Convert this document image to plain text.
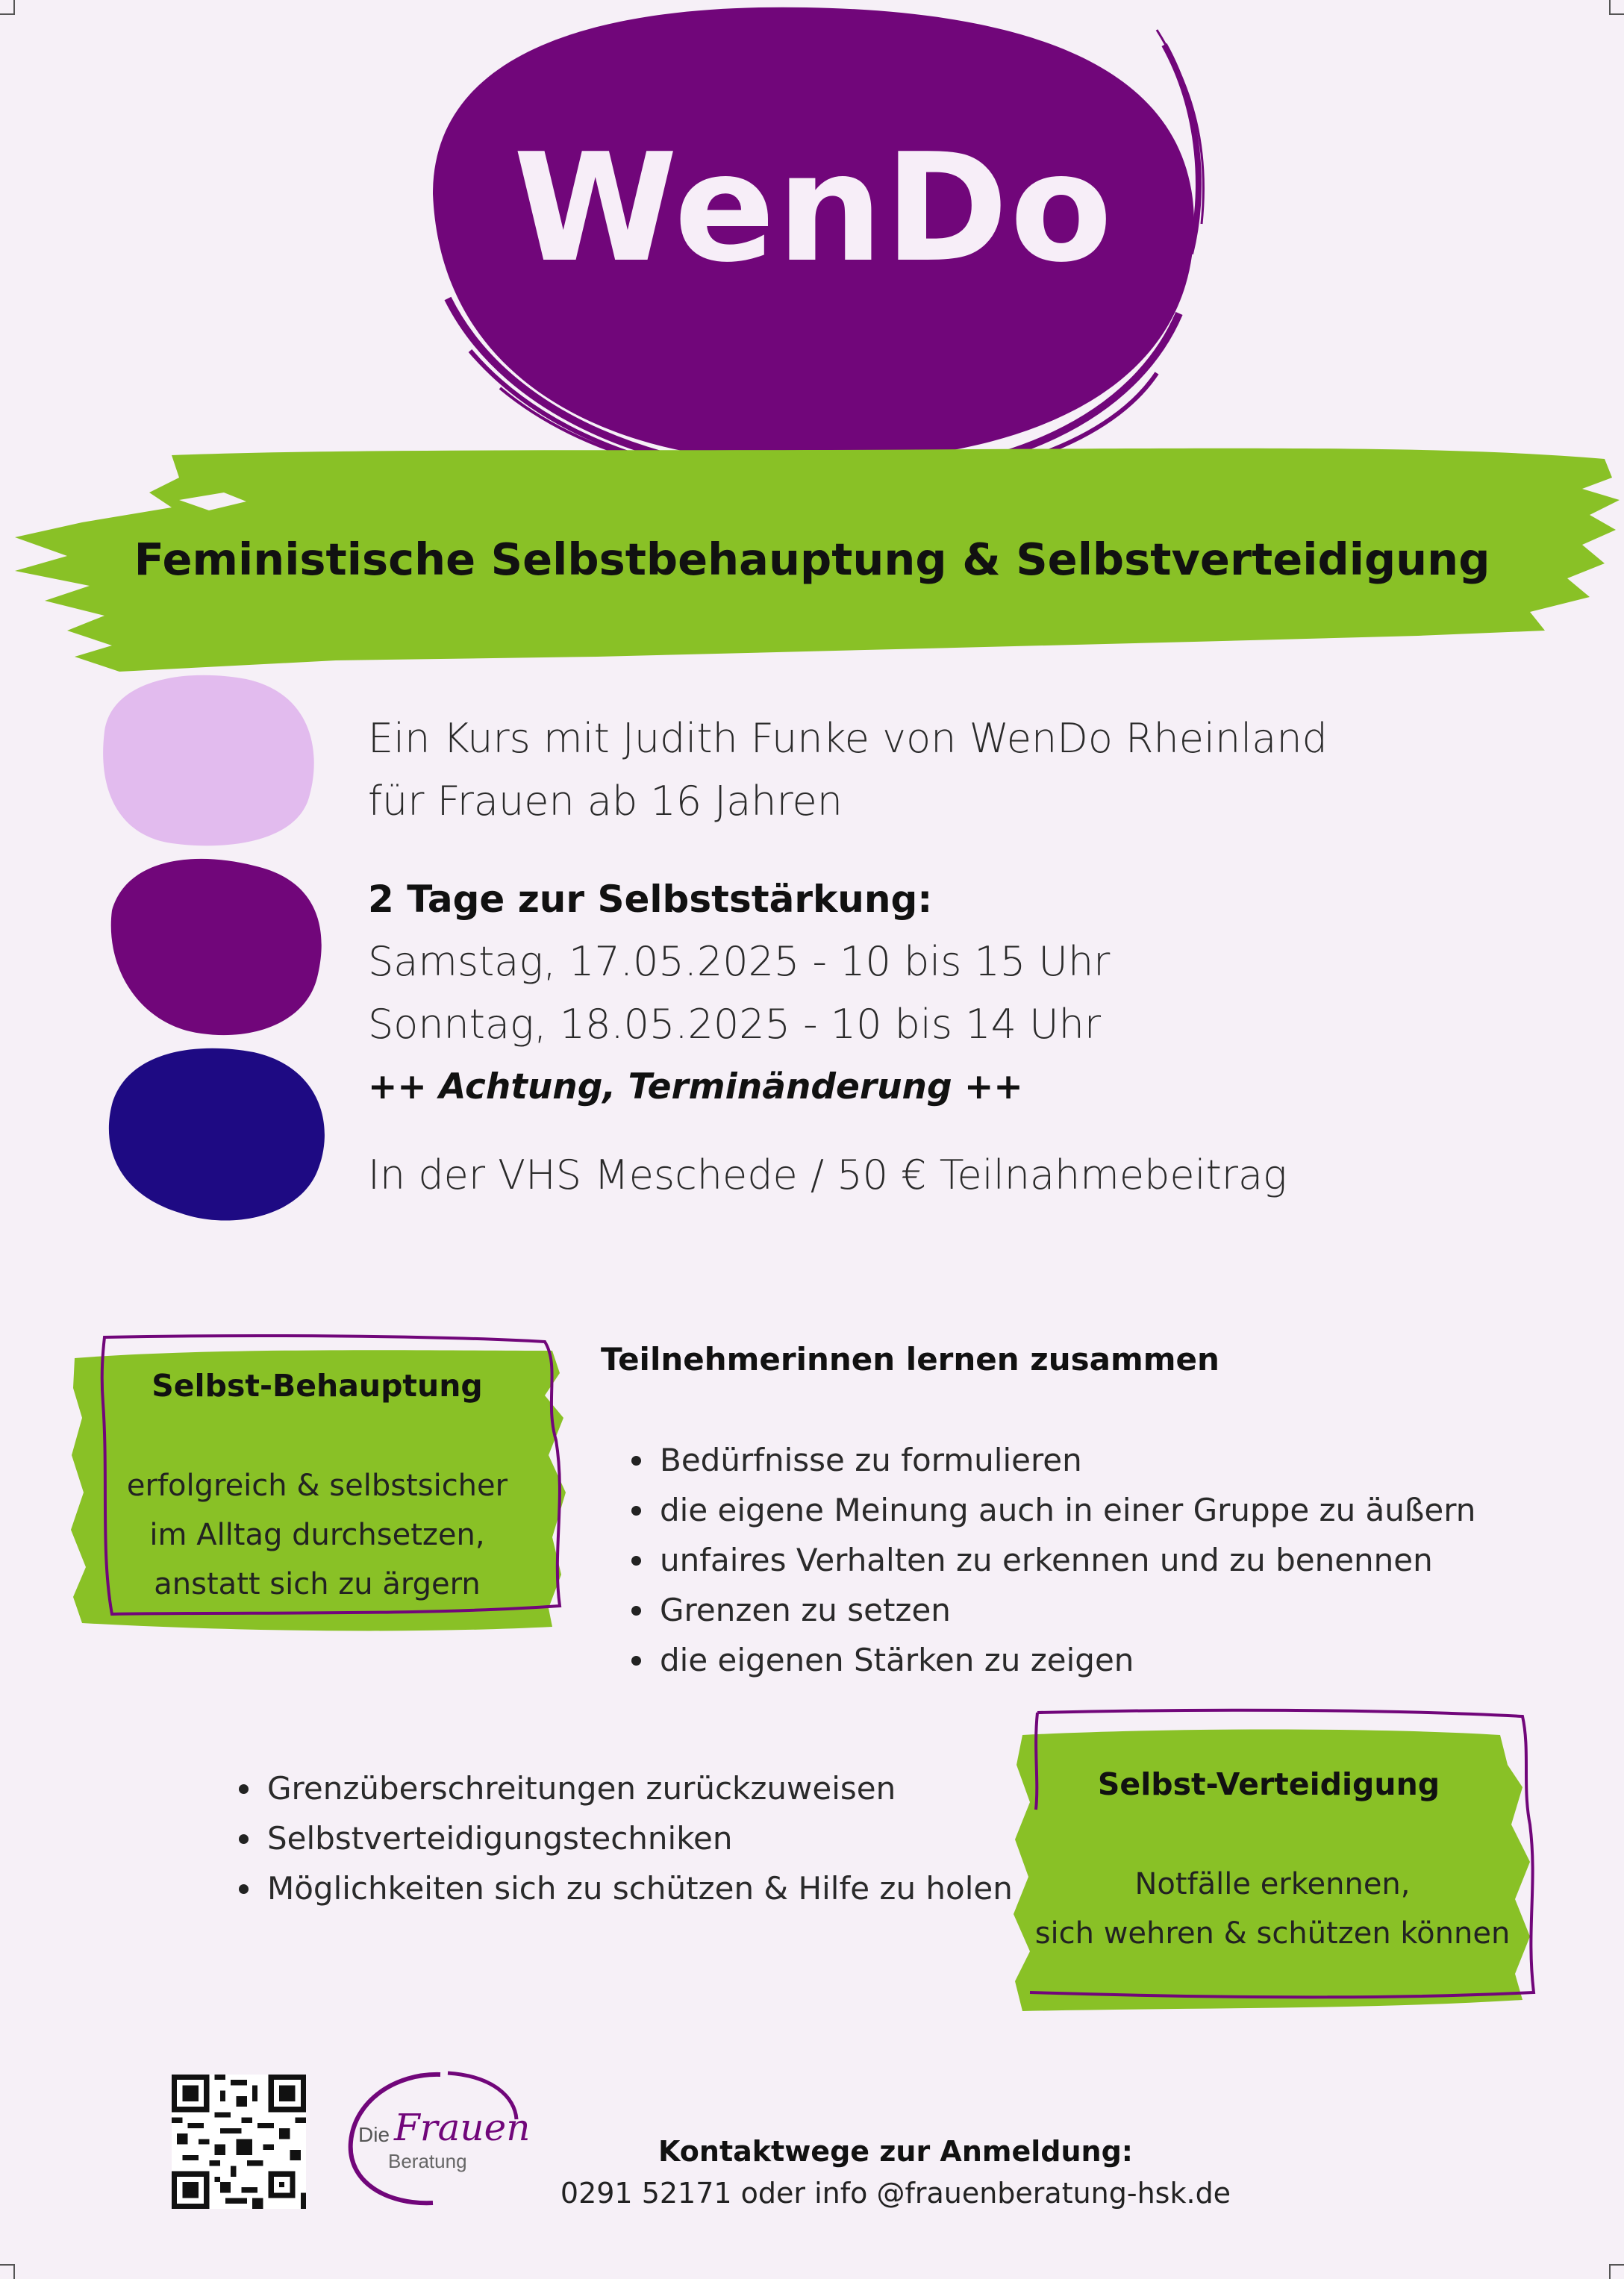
WenDo
Feministische Selbstbehauptung & Selbstverteidigung
Ein Kurs mit Judith Funke von WenDo Rheinland
für Frauen ab 16 Jahren
2 Tage zur Selbststärkung:
Samstag, 17.05.2025 - 10 bis 15 Uhr
Sonntag, 18.05.2025 - 10 bis 14 Uhr
++ Achtung, Terminänderung ++
In der VHS Meschede / 50 € Teilnahmebeitrag
Selbst-Behauptung
erfolgreich & selbstsicher
im Alltag durchsetzen,
anstatt sich zu ärgern
Teilnehmerinnen lernen zusammen
Bedürfnisse zu formulieren
die eigene Meinung auch in einer Gruppe zu äußern
unfaires Verhalten zu erkennen und zu benennen
Grenzen zu setzen
die eigenen Stärken zu zeigen
Grenzüberschreitungen zurückzuweisen
Selbstverteidigungstechniken
Möglichkeiten sich zu schützen & Hilfe zu holen
Selbst-Verteidigung
Notfälle erkennen,
sich wehren & schützen können
Die Frauen
Beratung	Kontaktwege zur Anmeldung:
0291 52171 oder info @frauenberatung-hsk.de
